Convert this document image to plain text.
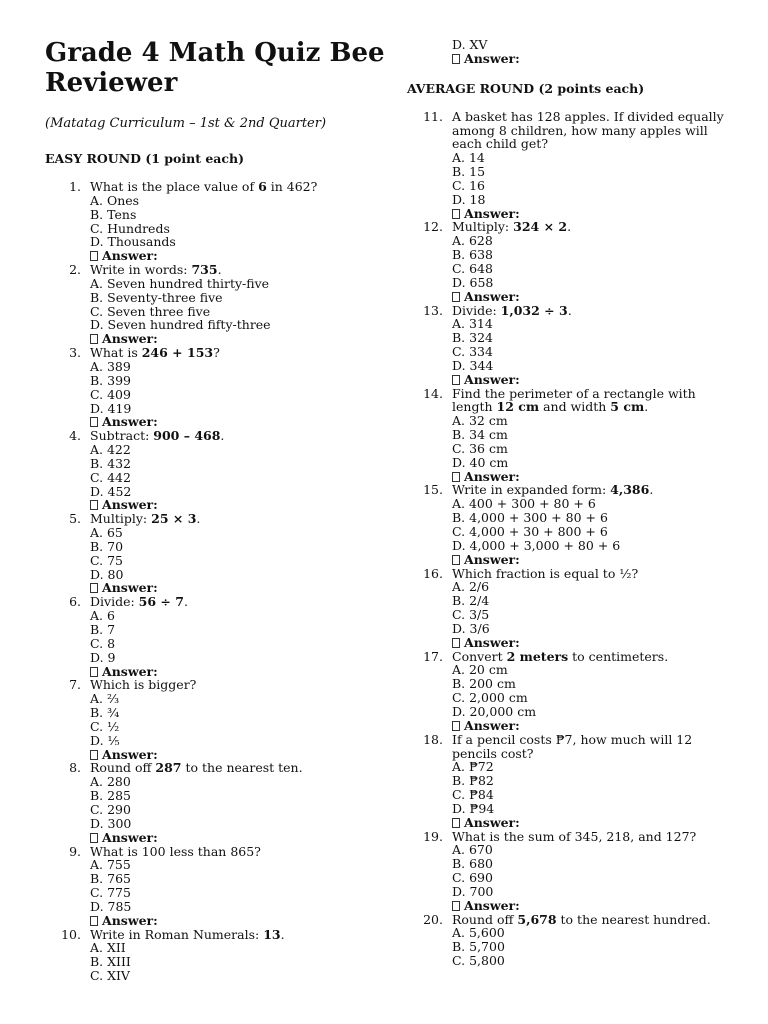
Grade 4 Math Quiz Bee
Reviewer

(Matatag Curriculum – 1st & 2nd Quarter)

EASY ROUND (1 point each)

1. What is the place value of 6 in 462?
A. Ones
B. Tens
C. Hundreds
D. Thousands
Answer:
2. Write in words: 735.
A. Seven hundred thirty-five
B. Seventy-three five
C. Seven three five
D. Seven hundred fifty-three
Answer:
3. What is 246 + 153?
A. 389
B. 399
C. 409
D. 419
Answer:
4. Subtract: 900 – 468.
A. 422
B. 432
C. 442
D. 452
Answer:
5. Multiply: 25 × 3.
A. 65
B. 70
C. 75
D. 80
Answer:
6. Divide: 56 ÷ 7.
A. 6
B. 7
C. 8
D. 9
Answer:
7. Which is bigger?
A. ⅔
B. ¾
C. ½
D. ⅕
Answer:
8. Round off 287 to the nearest ten.
A. 280
B. 285
C. 290
D. 300
Answer:
9. What is 100 less than 865?
A. 755
B. 765
C. 775
D. 785
Answer:
10. Write in Roman Numerals: 13.
A. XII
B. XIII
C. XIV
D. XV
Answer:

AVERAGE ROUND (2 points each)

11. A basket has 128 apples. If divided equally among 8 children, how many apples will each child get?
A. 14
B. 15
C. 16
D. 18
Answer:
12. Multiply: 324 × 2.
A. 628
B. 638
C. 648
D. 658
Answer:
13. Divide: 1,032 ÷ 3.
A. 314
B. 324
C. 334
D. 344
Answer:
14. Find the perimeter of a rectangle with length 12 cm and width 5 cm.
A. 32 cm
B. 34 cm
C. 36 cm
D. 40 cm
Answer:
15. Write in expanded form: 4,386.
A. 400 + 300 + 80 + 6
B. 4,000 + 300 + 80 + 6
C. 4,000 + 30 + 800 + 6
D. 4,000 + 3,000 + 80 + 6
Answer:
16. Which fraction is equal to ½?
A. 2/6
B. 2/4
C. 3/5
D. 3/6
Answer:
17. Convert 2 meters to centimeters.
A. 20 cm
B. 200 cm
C. 2,000 cm
D. 20,000 cm
Answer:
18. If a pencil costs ₱7, how much will 12 pencils cost?
A. ₱72
B. ₱82
C. ₱84
D. ₱94
Answer:
19. What is the sum of 345, 218, and 127?
A. 670
B. 680
C. 690
D. 700
Answer:
20. Round off 5,678 to the nearest hundred.
A. 5,600
B. 5,700
C. 5,800
